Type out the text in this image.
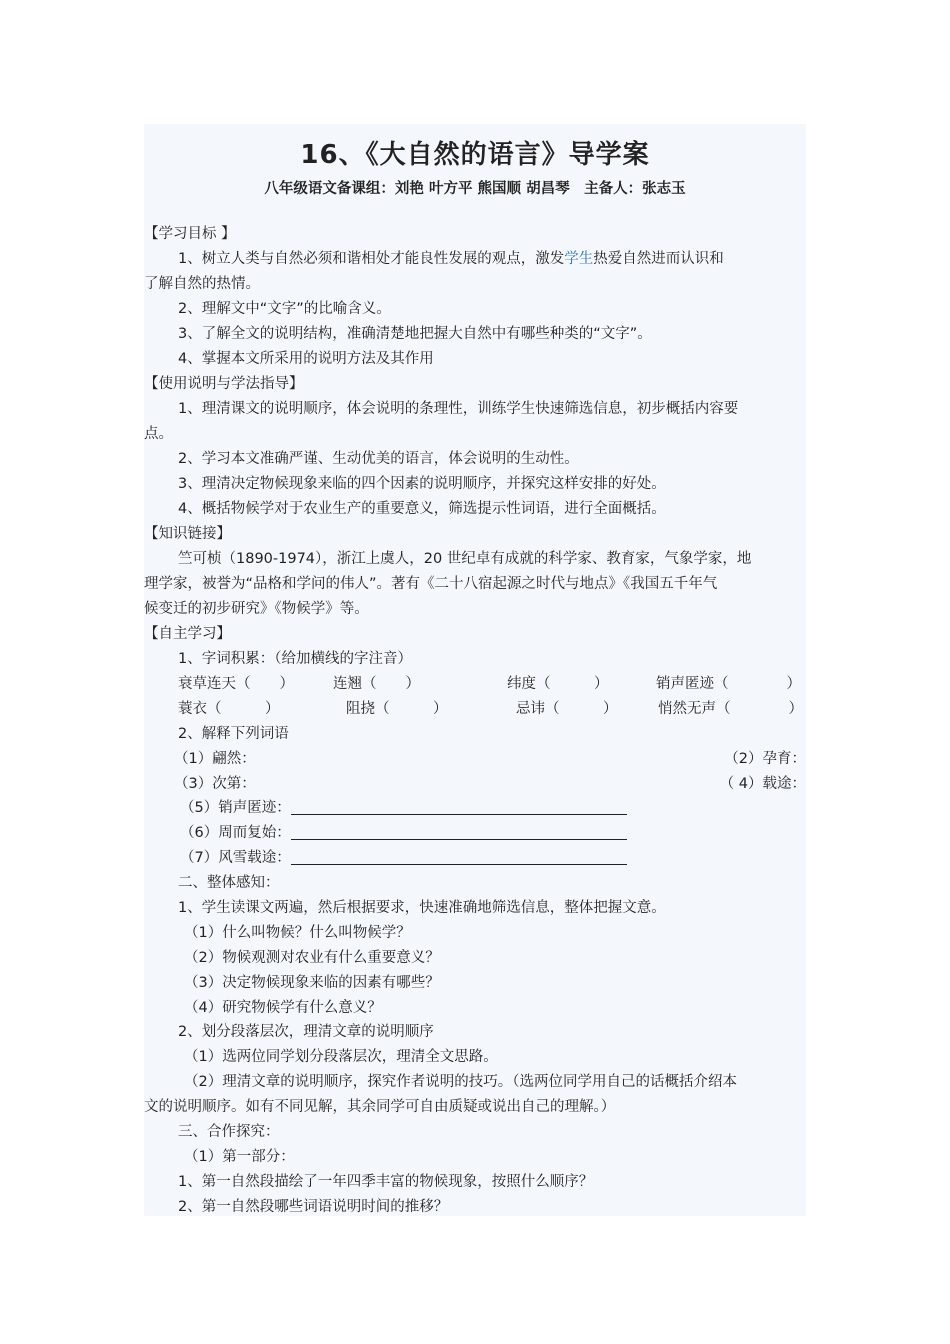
16、《大自然的语言》导学案
八年级语文备课组：刘艳 叶方平 熊国顺 胡昌琴　主备人：张志玉
【学习目标 】
1、树立人类与自然必须和谐相处才能良性发展的观点，激发学生热爱自然进而认识和
了解自然的热情。
2、理解文中“文字”的比喻含义。
3、了解全文的说明结构，准确清楚地把握大自然中有哪些种类的“文字”。
4、掌握本文所采用的说明方法及其作用
【使用说明与学法指导】
1、理清课文的说明顺序，体会说明的条理性，训练学生快速筛选信息，初步概括内容要
点。
2、学习本文准确严谨、生动优美的语言，体会说明的生动性。
3、理清决定物候现象来临的四个因素的说明顺序，并探究这样安排的好处。
4、概括物候学对于农业生产的重要意义，筛选提示性词语，进行全面概括。
【知识链接】
竺可桢（1890-1974），浙江上虞人，20 世纪卓有成就的科学家、教育家，气象学家，地
理学家，被誉为“品格和学问的伟人”。著有《二十八宿起源之时代与地点》《我国五千年气
候变迁的初步研究》《物候学》等。
【自主学习】
1、字词积累：（给加横线的字注音）
衰草连天（　　）	连翘（　　）	纬度（　　　）	销声匿迹（　　　　）
蓑衣（　　　）	阻挠（　　　）	忌讳（　　　）	悄然无声（　　　　）
2、解释下列词语
（1）翩然：	（2）孕育：
（3）次第：	（ 4）载途：
（5）销声匿迹：
（6）周而复始：
（7）风雪载途：
二、整体感知：
1、学生读课文两遍，然后根据要求，快速准确地筛选信息，整体把握文意。
（1）什么叫物候？什么叫物候学？
（2）物候观测对农业有什么重要意义？
（3）决定物候现象来临的因素有哪些？
（4）研究物候学有什么意义？
2、划分段落层次，理清文章的说明顺序
（1）选两位同学划分段落层次，理清全文思路。
（2）理清文章的说明顺序，探究作者说明的技巧。（选两位同学用自己的话概括介绍本
文的说明顺序。如有不同见解，其余同学可自由质疑或说出自己的理解。）
三、合作探究：
（1）第一部分：
1、第一自然段描绘了一年四季丰富的物候现象，按照什么顺序？
2、第一自然段哪些词语说明时间的推移？
